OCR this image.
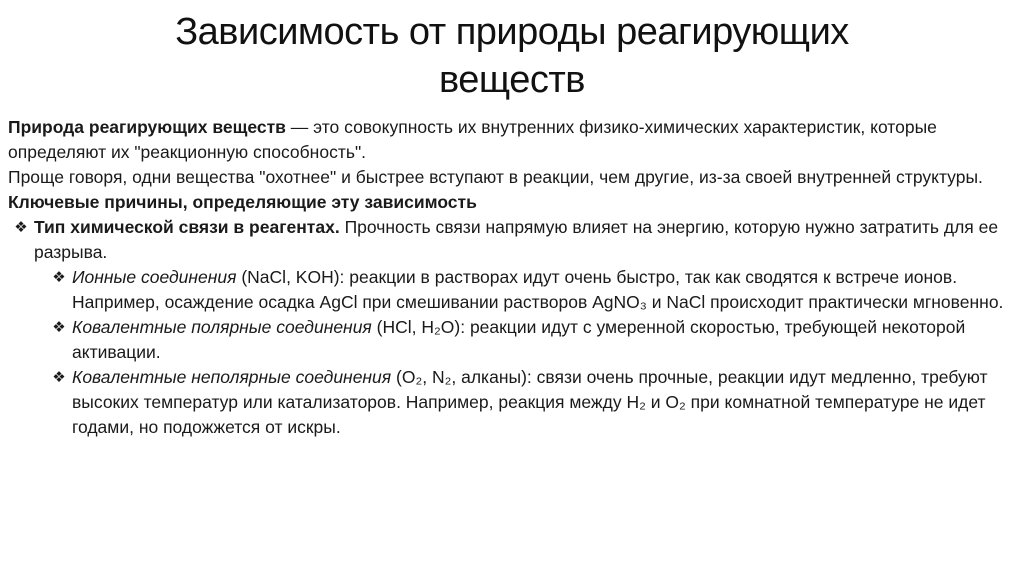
Зависимость от природы реагирующих
веществ

Природа реагирующих веществ — это совокупность их внутренних физико-химических характеристик, которые определяют их "реакционную способность".

Проще говоря, одни вещества "охотнее" и быстрее вступают в реакции, чем другие, из-за своей внутренней структуры.

Ключевые причины, определяющие эту зависимость

❖ Тип химической связи в реагентах. Прочность связи напрямую влияет на энергию, которую нужно затратить для ее разрыва.
❖ Ионные соединения (NaCl, KOH): реакции в растворах идут очень быстро, так как сводятся к встрече ионов. Например, осаждение осадка AgCl при смешивании растворов AgNO₃ и NaCl происходит практически мгновенно.
❖ Ковалентные полярные соединения (HCl, H₂O): реакции идут с умеренной скоростью, требующей некоторой активации.
❖ Ковалентные неполярные соединения (O₂, N₂, алканы): связи очень прочные, реакции идут медленно, требуют высоких температур или катализаторов. Например, реакция между H₂ и O₂ при комнатной температуре не идет годами, но подожжется от искры.
